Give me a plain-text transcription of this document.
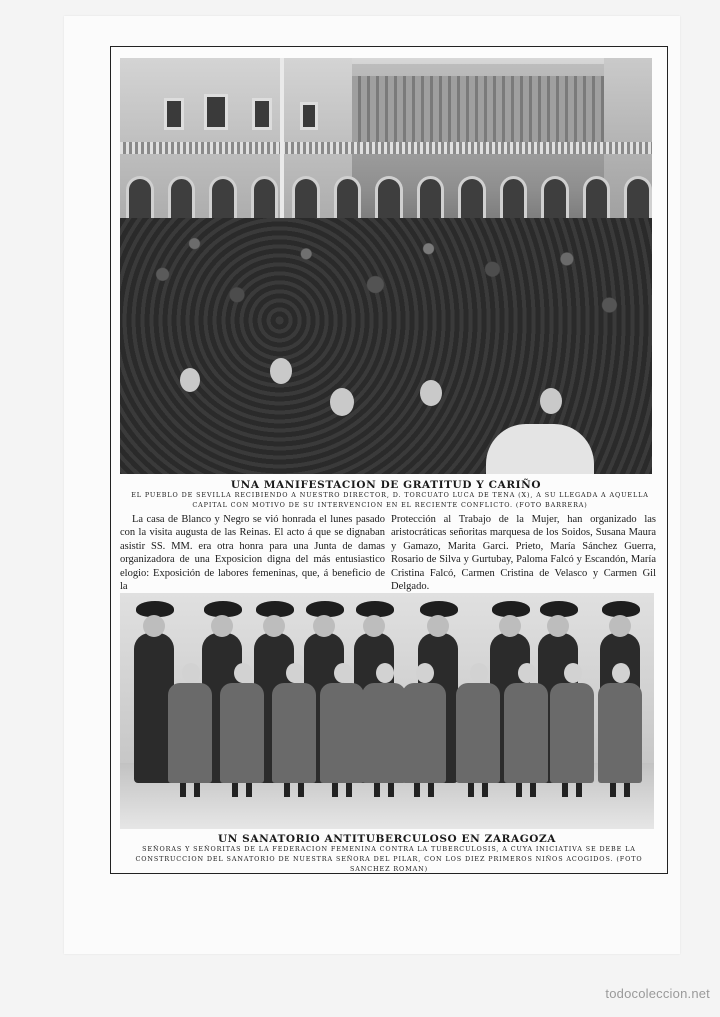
UNA MANIFESTACION DE GRATITUD Y CARIÑO
EL PUEBLO DE SEVILLA RECIBIENDO A NUESTRO DIRECTOR, D. TORCUATO LUCA DE TENA (X), A SU LLEGADA A AQUELLA CAPITAL CON MOTIVO DE SU INTERVENCION EN EL RECIENTE CONFLICTO. (FOTO BARRERA)

La casa de Blanco y Negro se vió honrada el lunes pasado con la visita augusta de las Reinas. El acto á que se dignaban asistir SS. MM. era otra honra para una Junta de damas organizadora de una Exposicion digna del más entusiastico elogio: Exposición de labores femeninas, que, á beneficio de la

Protección al Trabajo de la Mujer, han organizado las aristocráticas señoritas marquesa de los Soidos, Susana Maura y Gamazo, Marita Garci. Prieto, María Sánchez Guerra, Rosario de Silva y Gurtubay, Paloma Falcó y Escandón, María Cristina Falcó, Carmen Cristina de Velasco y Carmen Gil Delgado.

UN SANATORIO ANTITUBERCULOSO EN ZARAGOZA
SEÑORAS Y SEÑORITAS DE LA FEDERACION FEMENINA CONTRA LA TUBERCULOSIS, A CUYA INICIATIVA SE DEBE LA CONSTRUCCION DEL SANATORIO DE NUESTRA SEÑORA DEL PILAR, CON LOS DIEZ PRIMEROS NIÑOS ACOGIDOS. (FOTO SANCHEZ ROMAN)
todocoleccion.net
